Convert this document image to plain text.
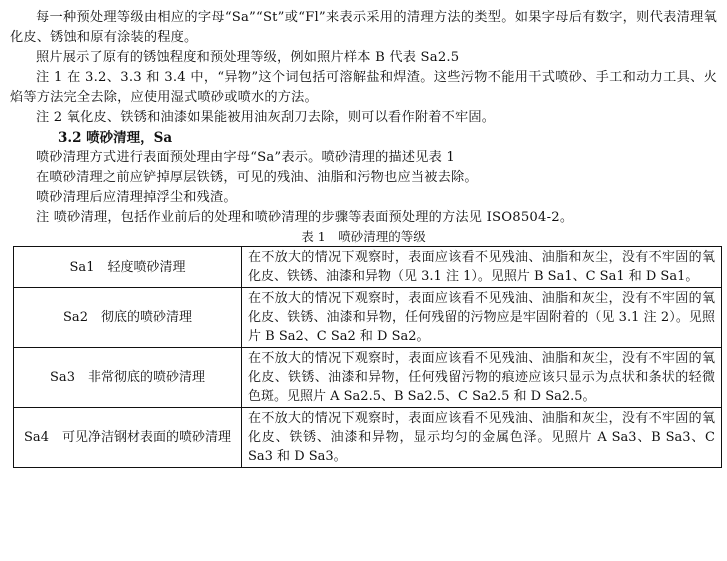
每一种预处理等级由相应的字母“Sa”“St”或“Fl”来表示采用的清理方法的类型。如果字母后有数字，则代表清理氧化皮、锈蚀和原有涂装的程度。

照片展示了原有的锈蚀程度和预处理等级，例如照片样本 B 代表 Sa2.5

注 1 在 3.2、3.3 和 3.4 中，“异物”这个词包括可溶解盐和焊渣。这些污物不能用干式喷砂、手工和动力工具、火焰等方法完全去除，应使用湿式喷砂或喷水的方法。

注 2 氧化皮、铁锈和油漆如果能被用油灰刮刀去除，则可以看作附着不牢固。

3.2 喷砂清理，Sa

喷砂清理方式进行表面预处理由字母“Sa”表示。喷砂清理的描述见表 1

在喷砂清理之前应铲掉厚层铁锈，可见的残油、油脂和污物也应当被去除。

喷砂清理后应清理掉浮尘和残渣。

注 喷砂清理，包括作业前后的处理和喷砂清理的步骤等表面预处理的方法见 ISO8504-2。

表 1　喷砂清理的等级

Sa1　轻度喷砂清理	在不放大的情况下观察时，表面应该看不见残油、油脂和灰尘，没有不牢固的氧化皮、铁锈、油漆和异物（见 3.1 注 1）。见照片 B Sa1、C Sa1 和 D Sa1。
Sa2　彻底的喷砂清理	在不放大的情况下观察时，表面应该看不见残油、油脂和灰尘，没有不牢固的氧化皮、铁锈、油漆和异物，任何残留的污物应是牢固附着的（见 3.1 注 2）。见照片 B Sa2、C Sa2 和 D Sa2。
Sa3　非常彻底的喷砂清理	在不放大的情况下观察时，表面应该看不见残油、油脂和灰尘，没有不牢固的氧化皮、铁锈、油漆和异物，任何残留污物的痕迹应该只显示为点状和条状的轻微色斑。见照片 A Sa2.5、B Sa2.5、C Sa2.5 和 D Sa2.5。
Sa4　可见净洁钢材表面的喷砂清理	在不放大的情况下观察时，表面应该看不见残油、油脂和灰尘，没有不牢固的氧化皮、铁锈、油漆和异物，显示均匀的金属色泽。见照片 A Sa3、B Sa3、C Sa3 和 D Sa3。
